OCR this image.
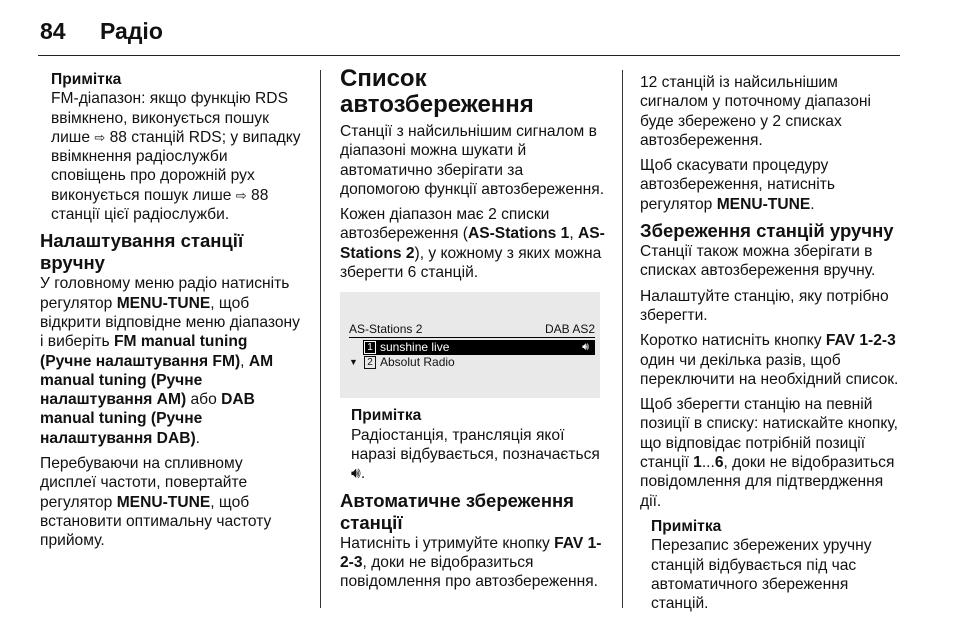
84 Радіо
Примітка

FM-діапазон: якщо функцію RDS ввімкнено, виконується пошук лише ⇨ 88 станцій RDS; у випадку ввімкнення радіослужби сповіщень про дорожній рух виконується пошук лише ⇨ 88 станції цієї радіослужби.

Налаштування станції вручну

У головному меню радіо натисніть регулятор MENU-TUNE, щоб відкрити відповідне меню діапазону і виберіть FM manual tuning (Ручне налаштування FM), AM manual tuning (Ручне налаштування AM) або DAB manual tuning (Ручне налаштування DAB).

Перебуваючи на спливному дисплеї частоти, повертайте регулятор MENU-TUNE, щоб встановити оптимальну частоту прийому.

Список автозбереження

Станції з найсильнішим сигналом в діапазоні можна шукати й автоматично зберігати за допомогою функції автозбереження.

Кожен діапазон має 2 списки автозбереження (AS-Stations 1, AS-Stations 2), у кожному з яких можна зберегти 6 станцій.

AS-Stations 2	DAB AS2
1 sunshine live	🔊︎
▼ 2 Absolut Radio
Примітка

Радіостанція, трансляція якої наразі відбувається, позначається 🔊︎.

Автоматичне збереження станції

Натисніть і утримуйте кнопку FAV 1-2-3, доки не відобразиться повідомлення про автозбереження.

12 станцій із найсильнішим сигналом у поточному діапазоні буде збережено у 2 списках автозбереження.

Щоб скасувати процедуру автозбереження, натисніть регулятор MENU-TUNE.

Збереження станцій уручну

Станції також можна зберігати в списках автозбереження вручну.

Налаштуйте станцію, яку потрібно зберегти.

Коротко натисніть кнопку FAV 1-2-3 один чи декілька разів, щоб переключити на необхідний список.

Щоб зберегти станцію на певній позиції в списку: натискайте кнопку, що відповідає потрібній позиції станції 1...6, доки не відобразиться повідомлення для підтвердження дії.

Примітка

Перезапис збережених уручну станцій відбувається під час автоматичного збереження станцій.
